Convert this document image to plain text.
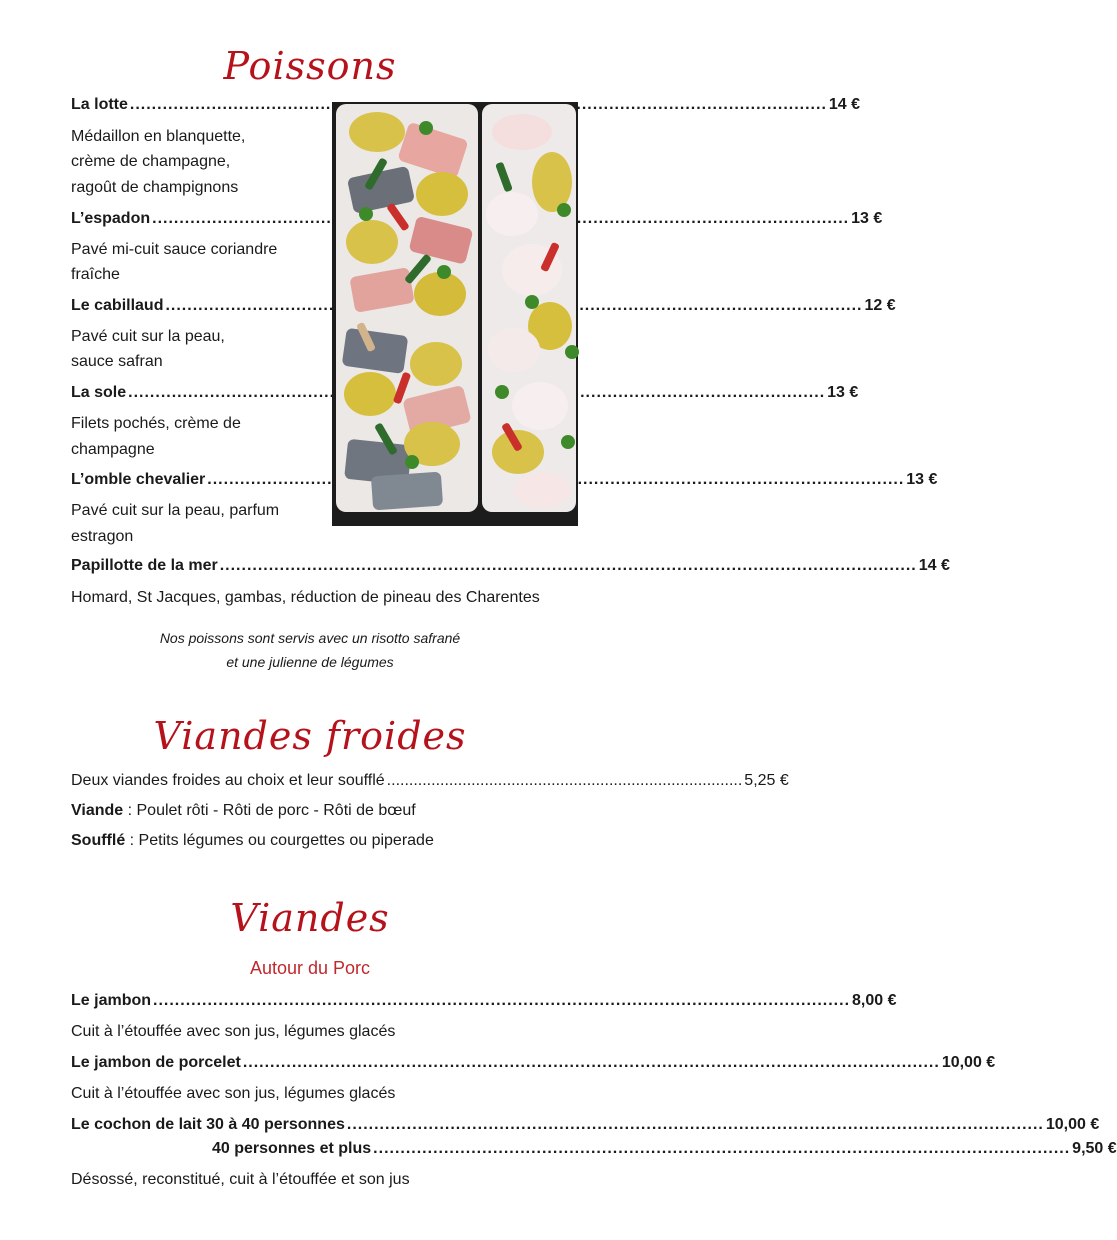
Poissons
La lotte .....	14 €
Médaillon en blanquette,
crème de champagne,
ragoût de champignons
L’espadon .....	13 €
Pavé mi-cuit sauce coriandre
fraîche
Le cabillaud .....	12 €
Pavé cuit sur la peau,
sauce safran
La sole .....	13 €
Filets pochés, crème de
champagne
L’omble chevalier .....	13 €
Pavé cuit sur la peau, parfum
estragon
Papillotte de la mer .....	14 €
Homard, St Jacques, gambas, réduction de pineau des Charentes
Nos poissons sont servis avec un risotto safrané
et une julienne de légumes
Viandes froides
Deux viandes froides au choix et leur soufflé ................................................................................ 5,25 €
Viande : Poulet rôti - Rôti de porc - Rôti de bœuf
Soufflé : Petits légumes ou courgettes ou piperade
Viandes
Autour du Porc
Le jambon .....	8,00 €
Cuit à l’étouffée avec son jus, légumes glacés
Le jambon de porcelet .....	10,00 €
Cuit à l’étouffée avec son jus, légumes glacés
Le cochon de lait 30 à 40 personnes .....	10,00 €
40 personnes et plus .....	9,50 €
Désossé, reconstitué, cuit à l’étouffée et son jus
